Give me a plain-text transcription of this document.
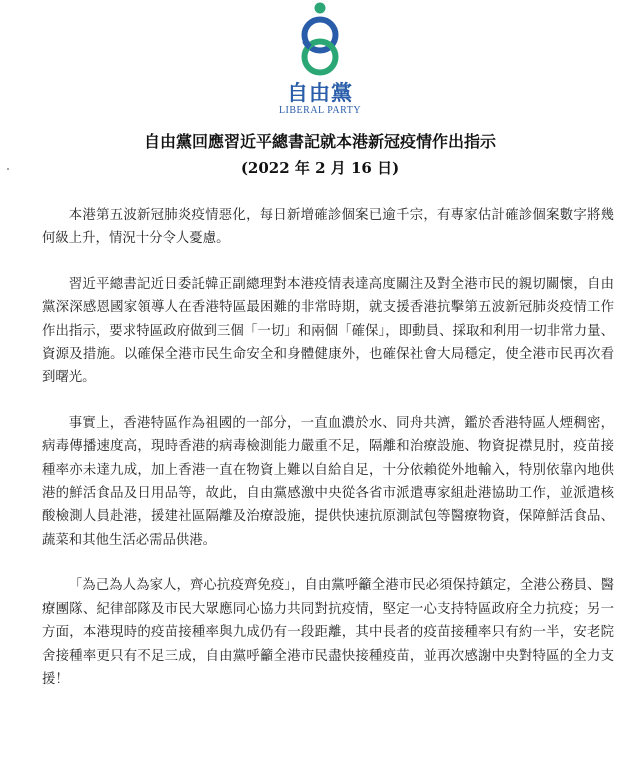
自由黨
LIBERAL PARTY
自由黨回應習近平總書記就本港新冠疫情作出指示
(2022 年 2 月 16 日)

本港第五波新冠肺炎疫情惡化，每日新增確診個案已逾千宗，有專家估計確診個案數字將幾何級上升，情況十分令人憂慮。

習近平總書記近日委託韓正副總理對本港疫情表達高度關注及對全港市民的親切關懷，自由黨深深感恩國家領導人在香港特區最困難的非常時期，就支援香港抗擊第五波新冠肺炎疫情工作作出指示，要求特區政府做到三個「一切」和兩個「確保」，即動員、採取和利用一切非常力量、資源及措施。以確保全港市民生命安全和身體健康外，也確保社會大局穩定，使全港市民再次看到曙光。

事實上，香港特區作為祖國的一部分，一直血濃於水、同舟共濟，鑑於香港特區人煙稠密，病毒傳播速度高，現時香港的病毒檢測能力嚴重不足，隔離和治療設施、物資捉襟見肘，疫苗接種率亦未達九成，加上香港一直在物資上難以自給自足，十分依賴從外地輸入，特別依靠內地供港的鮮活食品及日用品等，故此，自由黨感激中央從各省市派遣專家組赴港協助工作，並派遣核酸檢測人員赴港，援建社區隔離及治療設施，提供快速抗原測試包等醫療物資，保障鮮活食品、蔬菜和其他生活必需品供港。

「為己為人為家人，齊心抗疫齊免疫」，自由黨呼籲全港市民必須保持鎮定，全港公務員、醫療團隊、紀律部隊及市民大眾應同心協力共同對抗疫情，堅定一心支持特區政府全力抗疫；另一方面，本港現時的疫苗接種率與九成仍有一段距離，其中長者的疫苗接種率只有約一半，安老院舍接種率更只有不足三成，自由黨呼籲全港市民盡快接種疫苗，並再次感謝中央對特區的全力支援！
